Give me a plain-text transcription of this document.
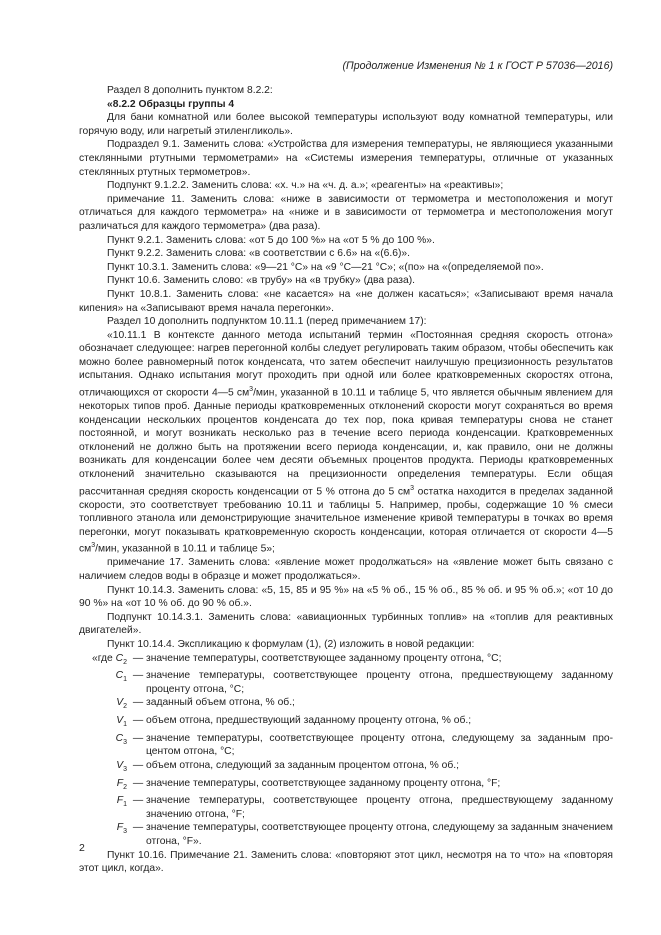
(Продолжение Изменения № 1 к ГОСТ Р 57036—2016)

Раздел 8 дополнить пунктом 8.2.2:

«8.2.2 Образцы группы 4

Для бани комнатной или более высокой температуры используют воду комнатной температуры, или горячую воду, или нагретый этиленгликоль».

Подраздел 9.1. Заменить слова: «Устройства для измерения температуры, не являющиеся указанными стеклянными ртутными термометрами» на «Системы измерения температуры, отличные от указанных стеклянных ртутных термометров».

Подпункт 9.1.2.2. Заменить слова: «х. ч.» на «ч. д. а.»; «реагенты» на «реактивы»;

примечание 11. Заменить слова: «ниже в зависимости от термометра и местоположения и могут отличаться для каждого термометра» на «ниже и в зависимости от термометра и местоположения могут различаться для каждого термометра» (два раза).

Пункт 9.2.1. Заменить слова: «от 5 до 100 %» на «от 5 % до 100 %».

Пункт 9.2.2. Заменить слова: «в соответствии с 6.6» на «(6.6)».

Пункт 10.3.1. Заменить слова: «9—21 °С» на «9 °С—21 °С»; «(по» на «(определяемой по».

Пункт 10.6. Заменить слово: «в трубу» на «в трубку» (два раза).

Пункт 10.8.1. Заменить слова: «не касается» на «не должен касаться»; «Записывают время начала кипения» на «Записывают время начала перегонки».

Раздел 10 дополнить подпунктом 10.11.1 (перед примечанием 17):

«10.11.1 В контексте данного метода испытаний термин «Постоянная средняя скорость отгона» обозначает следующее: нагрев перегонной колбы следует регулировать таким образом, чтобы обеспечить как можно более равномерный поток конденсата, что затем обеспечит наилучшую прецизионность результатов испытания. Однако испытания могут проходить при одной или более кратковременных скоростях отгона, отличающихся от скорости 4—5 $см^3$/мин, указанной в 10.11 и таблице 5, что является обычным явлением для некоторых типов проб. Данные периоды кратковременных отклонений скорости могут сохраняться во время конденсации нескольких процентов конденсата до тех пор, пока кривая температуры снова не станет постоянной, и могут возникать несколько раз в течение всего периода конденсации. Кратковременных отклонений не должно быть на протяжении всего периода конденсации, и, как правило, они не должны возникать для конденсации более чем десяти объемных процентов продукта. Периоды кратковременных отклонений значительно сказываются на прецизионности определения температуры. Если общая рассчитанная средняя скорость конденсации от 5 % отгона до 5 $см^3$ остатка находится в пределах заданной скорости, это соответствует требованию 10.11 и таблицы 5. Например, пробы, содержащие 10 % смеси топливного этанола или демонстрирующие значительное изменение кривой температуры в точках во время перегонки, могут показывать кратковременную скорость конденсации, которая отличается от скорости 4—5 $см^3$/мин, указанной в 10.11 и таблице 5»;

примечание 17. Заменить слова: «явление может продолжаться» на «явление может быть связано с наличием следов воды в образце и может продолжаться».

Пункт 10.14.3. Заменить слова: «5, 15, 85 и 95 %» на «5 % об., 15 % об., 85 % об. и 95 % об.»; «от 10 до 90 %» на «от 10 % об. до 90 % об.».

Подпункт 10.14.3.1. Заменить слова: «авиационных турбинных топлив» на «топлив для реактивных двигателей».

Пункт 10.14.4. Экспликацию к формулам (1), (2) изложить в новой редакции:

«где $C_2$ — значение температуры, соответствующее заданному проценту отгона, °С;
$C_1$ — значение температуры, соответствующее проценту отгона, предшествующему заданному проценту отгона, °С;
$V_2$ — заданный объем отгона, % об.;
$V_1$ — объем отгона, предшествующий заданному проценту отгона, % об.;
$C_3$ — значение температуры, соответствующее проценту отгона, следующему за заданным процентом отгона, °С;
$V_3$ — объем отгона, следующий за заданным процентом отгона, % об.;
$F_2$ — значение температуры, соответствующее заданному проценту отгона, °F;
$F_1$ — значение температуры, соответствующее проценту отгона, предшествующему заданному значению отгона, °F;
$F_3$ — значение температуры, соответствующее проценту отгона, следующему за заданным значением отгона, °F».

Пункт 10.16. Примечание 21. Заменить слова: «повторяют этот цикл, несмотря на то что» на «повторяя этот цикл, когда».

2
